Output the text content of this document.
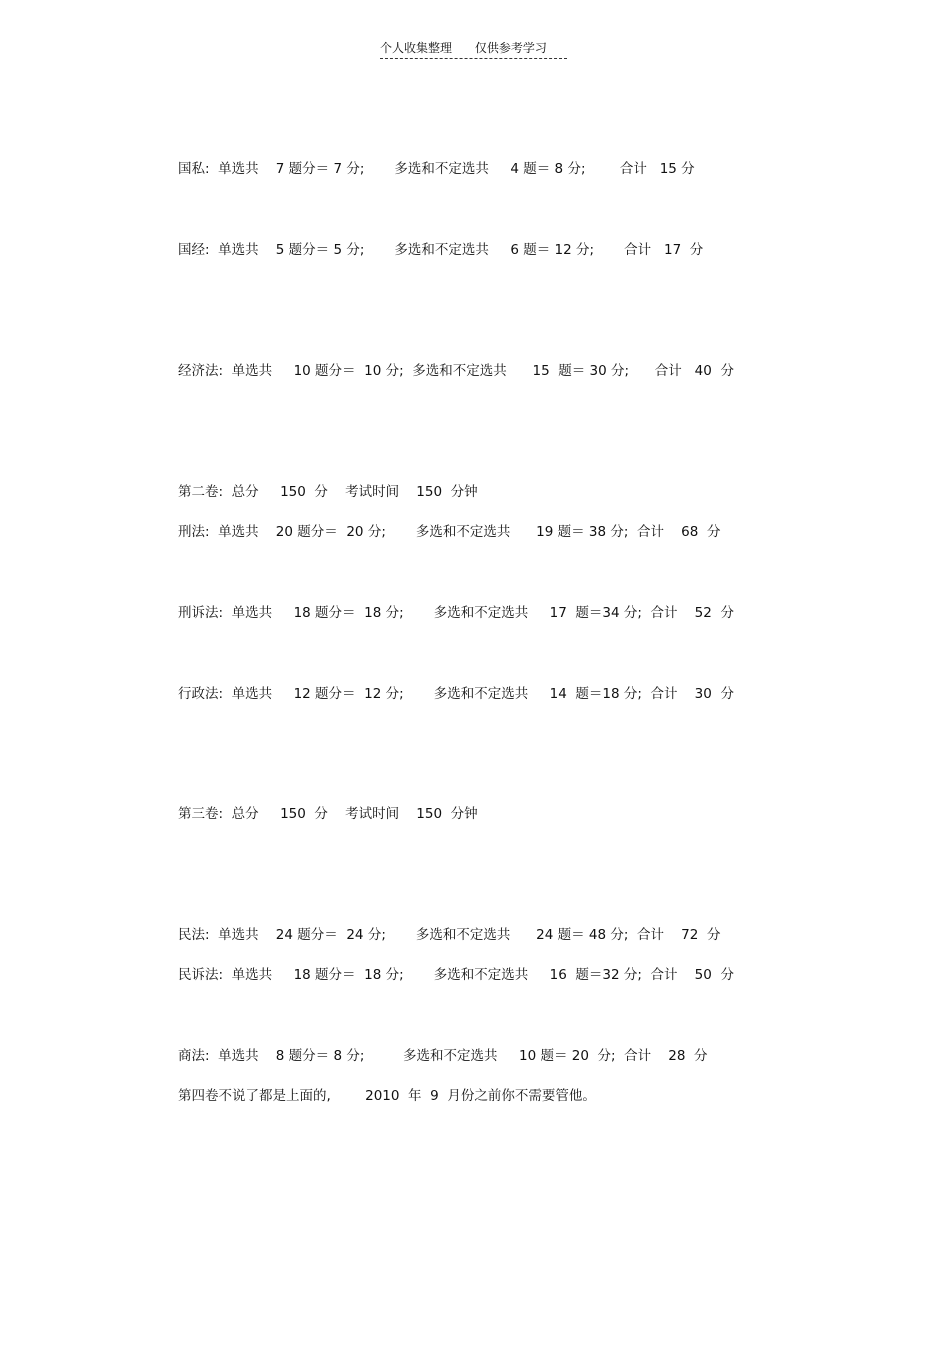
个人收集整理      仅供参考学习
国私:  单选共    7 题分＝ 7 分;       多选和不定选共     4 题＝ 8 分;        合计   15 分
国经:  单选共    5 题分＝ 5 分;       多选和不定选共     6 题＝ 12 分;       合计   17  分
经济法:  单选共     10 题分＝  10 分;  多选和不定选共      15  题＝ 30 分;      合计   40  分
第二卷:  总分     150  分    考试时间    150  分钟
刑法:  单选共    20 题分＝  20 分;       多选和不定选共      19 题＝ 38 分;  合计    68  分
刑诉法:  单选共     18 题分＝  18 分;       多选和不定选共     17  题＝34 分;  合计    52  分
行政法:  单选共     12 题分＝  12 分;       多选和不定选共     14  题＝18 分;  合计    30  分
第三卷:  总分     150  分    考试时间    150  分钟
民法:  单选共    24 题分＝  24 分;       多选和不定选共      24 题＝ 48 分;  合计    72  分
民诉法:  单选共     18 题分＝  18 分;       多选和不定选共     16  题＝32 分;  合计    50  分
商法:  单选共    8 题分＝ 8 分;         多选和不定选共     10 题＝ 20  分;  合计    28  分
第四卷不说了都是上面的,        2010  年  9  月份之前你不需要管他。
